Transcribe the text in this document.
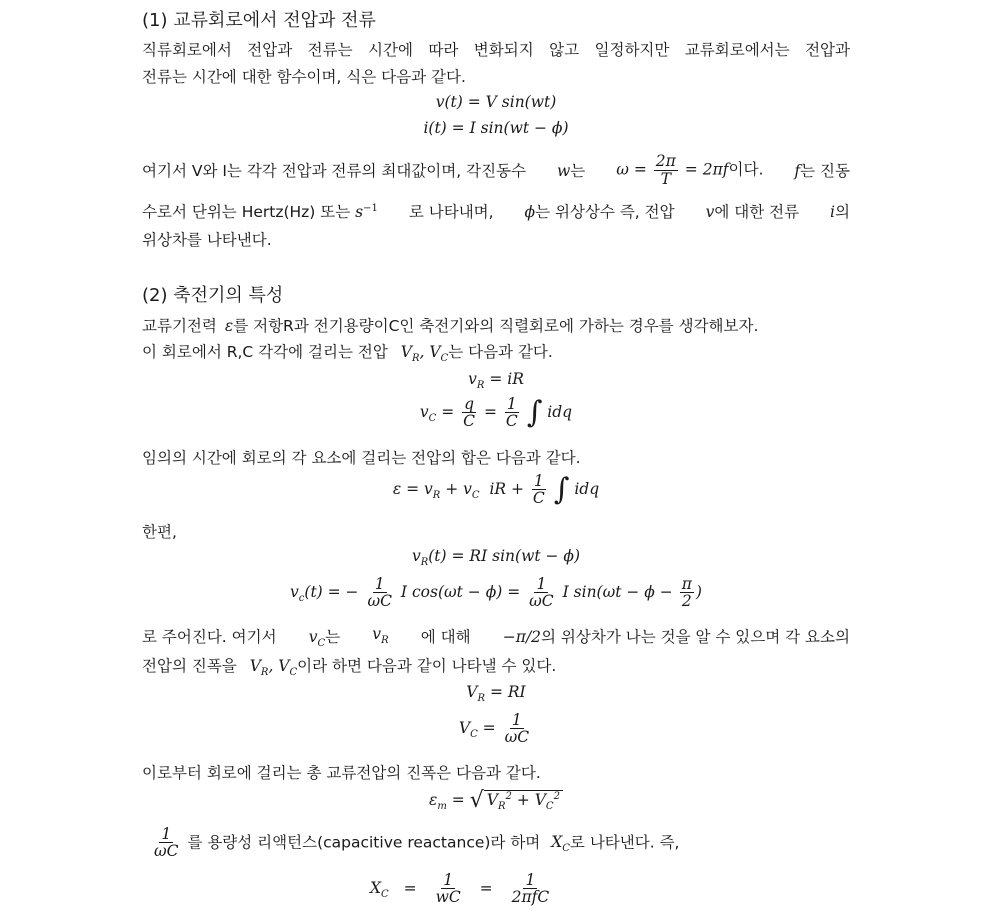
(1) 교류회로에서 전압과 전류
직류회로에서 전압과 전류는 시간에 따라 변화되지 않고 일정하지만 교류회로에서는 전압과
전류는 시간에 대한 함수이며, 식은 다음과 같다.
v(t) = V sin(wt)
i(t) = I sin(wt − ϕ)
여기서 V와 I는 각각 전압과 전류의 최대값이며, 각진동수 w는 $\omega = \frac{2\pi}{T} = 2\pi f$이다. f는 진동
수로서 단위는 Hertz(Hz) 또는 $s^{-1}$ 로 나타내며, ϕ는 위상상수 즉, 전압 v에 대한 전류 i의
위상차를 나타낸다.
(2) 축전기의 특성
교류기전력 ε를 저항R과 전기용량이C인 축전기와의 직렬회로에 가하는 경우를 생각해보자.
이 회로에서 R,C 각각에 걸리는 전압 $V_R$, $V_C$는 다음과 같다.
$v_R$ = iR
$v_C = \frac{q}{C} = \frac{1}{C}$ ∫ idq
임의의 시간에 회로의 각 요소에 걸리는 전압의 합은 다음과 같다.
$\varepsilon = v_R + v_C$ iR + $\frac{1}{C}$ ∫ idq
한편,
$v_R(t)$ = RI sin(wt − ϕ)
$v_c(t)$ = − $\frac{1}{\omega C}$ I $\cos(\omega t - \phi) = \frac{1}{\omega C}$ I $\sin(\omega t - \phi - \frac{\pi}{2}$ )
로 주어진다. 여기서 $v_C$는 $v_R$ 에 대해 −π/2의 위상차가 나는 것을 알 수 있으며 각 요소의
전압의 진폭을 $V_R$, $V_C$이라 하면 다음과 같이 나타낼 수 있다.
$V_R$ = RI
$V_C = \frac{1}{\omega C}$
이로부터 회로에 걸리는 총 교류전압의 진폭은 다음과 같다.
$\varepsilon_m$ = √ $V_R^2 + V_C^2$
$\frac{1}{\omega C}$ 를 용량성 리액턴스(capacitive reactance)라 하며 $X_C$로 나타낸다. 즉,
$X_C = \frac{1}{wC} = \frac{1}{\text{2πfC}}$
